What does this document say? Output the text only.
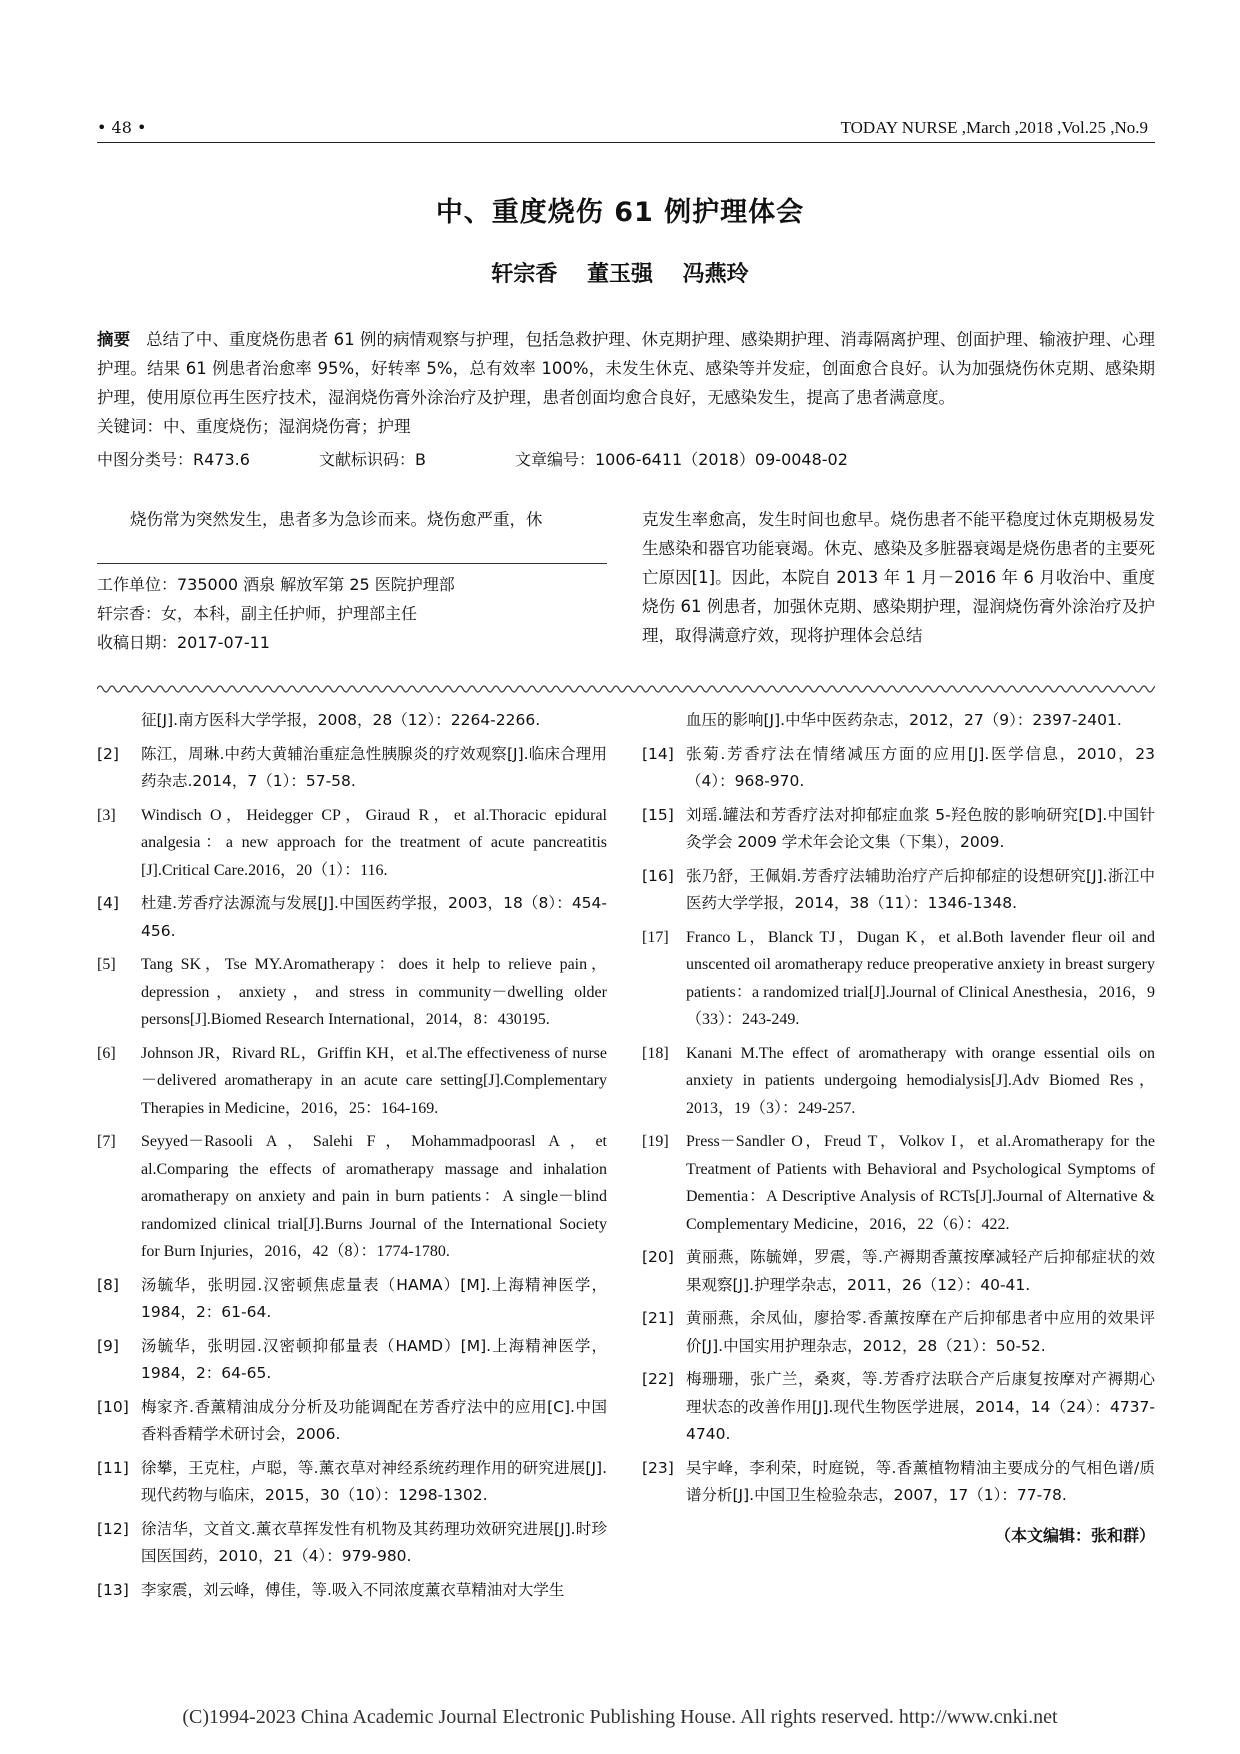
• 48 •	TODAY NURSE ,March ,2018 ,Vol.25 ,No.9
中、重度烧伤 61 例护理体会
轩宗香 董玉强 冯燕玲
摘要 总结了中、重度烧伤患者 61 例的病情观察与护理，包括急救护理、休克期护理、感染期护理、消毒隔离护理、创面护理、输液护理、心理护理。结果 61 例患者治愈率 95%，好转率 5%，总有效率 100%，未发生休克、感染等并发症，创面愈合良好。认为加强烧伤休克期、感染期护理，使用原位再生医疗技术，湿润烧伤膏外涂治疗及护理，患者创面均愈合良好，无感染发生，提高了患者满意度。
关键词：中、重度烧伤；湿润烧伤膏；护理
中图分类号：R473.6	文献标识码：B	文章编号：1006-6411（2018）09-0048-02
烧伤常为突然发生，患者多为急诊而来。烧伤愈严重，休	克发生率愈高，发生时间也愈早。烧伤患者不能平稳度过休克期极易发生感染和器官功能衰竭。休克、感染及多脏器衰竭是烧伤患者的主要死亡原因[1]。因此，本院自 2013 年 1 月－2016 年 6 月收治中、重度烧伤 61 例患者，加强休克期、感染期护理，湿润烧伤膏外涂治疗及护理，取得满意疗效，现将护理体会总结
工作单位：735000 酒泉 解放军第 25 医院护理部
轩宗香：女，本科，副主任护师，护理部主任
收稿日期：2017-07-11
征[J].南方医科大学学报，2008，28（12）：2264-2266.
[2] 陈江，周琳.中药大黄辅治重症急性胰腺炎的疗效观察[J].临床合理用药杂志.2014，7（1）：57-58.
[3] Windisch O，Heidegger CP，Giraud R，et al.Thoracic epidural analgesia：a new approach for the treatment of acute pancreatitis [J].Critical Care.2016，20（1）：116.
[4] 杜建.芳香疗法源流与发展[J].中国医药学报，2003，18（8）：454-456.
[5] Tang SK，Tse MY.Aromatherapy：does it help to relieve pain，depression，anxiety，and stress in community－dwelling older persons[J].Biomed Research International，2014，8：430195.
[6] Johnson JR，Rivard RL，Griffin KH，et al.The effectiveness of nurse－delivered aromatherapy in an acute care setting[J].Complementary Therapies in Medicine，2016，25：164-169.
[7] Seyyed－Rasooli A，Salehi F，Mohammadpoorasl A，et al.Comparing the effects of aromatherapy massage and inhalation aromatherapy on anxiety and pain in burn patients：A single－blind randomized clinical trial[J].Burns Journal of the International Society for Burn Injuries，2016，42（8）：1774-1780.
[8] 汤毓华，张明园.汉密顿焦虑量表（HAMA）[M].上海精神医学，1984，2：61-64.
[9] 汤毓华，张明园.汉密顿抑郁量表（HAMD）[M].上海精神医学，1984，2：64-65.
[10] 梅家齐.香薰精油成分分析及功能调配在芳香疗法中的应用[C].中国香料香精学术研讨会，2006.
[11] 徐攀，王克柱，卢聪，等.薰衣草对神经系统药理作用的研究进展[J].现代药物与临床，2015，30（10）：1298-1302.
[12] 徐洁华，文首文.薰衣草挥发性有机物及其药理功效研究进展[J].时珍国医国药，2010，21（4）：979-980.
[13] 李家震，刘云峰，傅佳，等.吸入不同浓度薰衣草精油对大学生
血压的影响[J].中华中医药杂志，2012，27（9）：2397-2401.
[14] 张菊.芳香疗法在情绪减压方面的应用[J].医学信息，2010，23（4）：968-970.
[15] 刘瑶.罐法和芳香疗法对抑郁症血浆 5-羟色胺的影响研究[D].中国针灸学会 2009 学术年会论文集（下集），2009.
[16] 张乃舒，王佩娟.芳香疗法辅助治疗产后抑郁症的设想研究[J].浙江中医药大学学报，2014，38（11）：1346-1348.
[17] Franco L，Blanck TJ，Dugan K，et al.Both lavender fleur oil and unscented oil aromatherapy reduce preoperative anxiety in breast surgery patients：a randomized trial[J].Journal of Clinical Anesthesia，2016，9（33）：243-249.
[18] Kanani M.The effect of aromatherapy with orange essential oils on anxiety in patients undergoing hemodialysis[J].Adv Biomed Res，2013，19（3）：249-257.
[19] Press－Sandler O，Freud T，Volkov I，et al.Aromatherapy for the Treatment of Patients with Behavioral and Psychological Symptoms of Dementia：A Descriptive Analysis of RCTs[J].Journal of Alternative & Complementary Medicine，2016，22（6）：422.
[20] 黄丽燕，陈毓婵，罗震，等.产褥期香薰按摩减轻产后抑郁症状的效果观察[J].护理学杂志，2011，26（12）：40-41.
[21] 黄丽燕，余凤仙，廖拾零.香薰按摩在产后抑郁患者中应用的效果评价[J].中国实用护理杂志，2012，28（21）：50-52.
[22] 梅珊珊，张广兰，桑爽，等.芳香疗法联合产后康复按摩对产褥期心理状态的改善作用[J].现代生物医学进展，2014，14（24）：4737-4740.
[23] 吴宇峰，李利荣，时庭锐，等.香薰植物精油主要成分的气相色谱/质谱分析[J].中国卫生检验杂志，2007，17（1）：77-78.
（本文编辑：张和群）
(C)1994-2023 China Academic Journal Electronic Publishing House. All rights reserved. http://www.cnki.net
